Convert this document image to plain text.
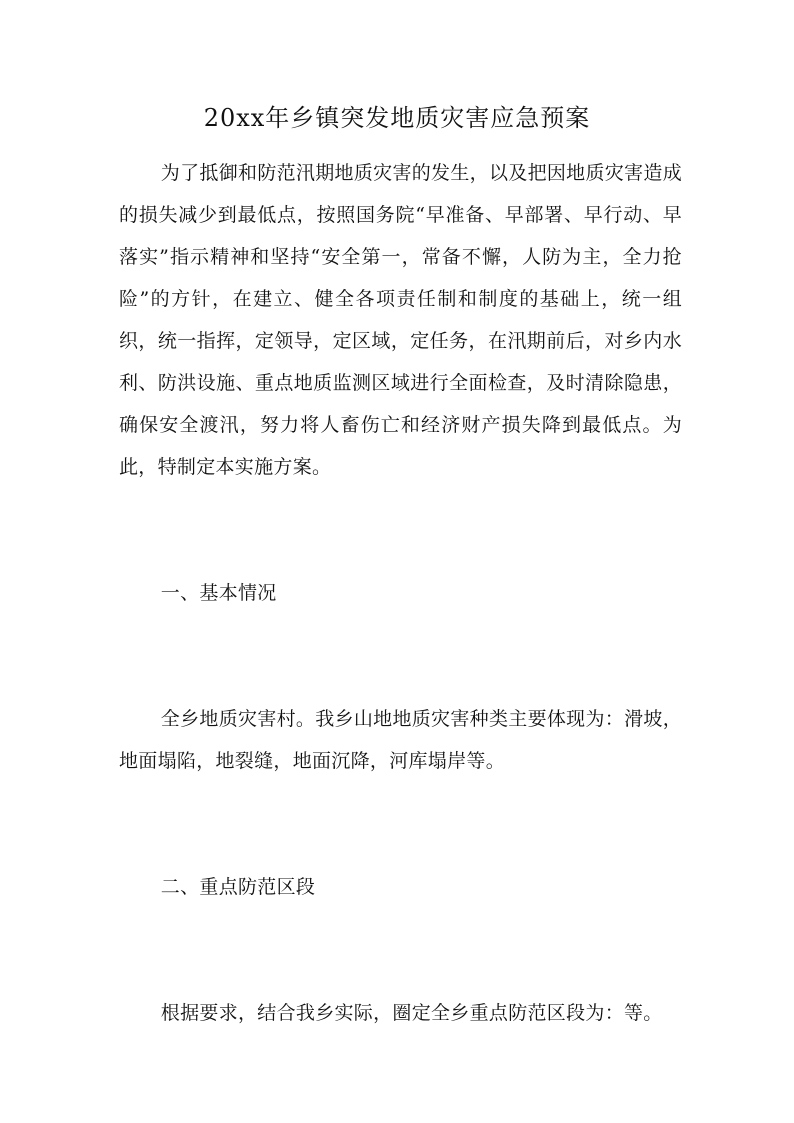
20xx年乡镇突发地质灾害应急预案

为了抵御和防范汛期地质灾害的发生，以及把因地质灾害造成的损失减少到最低点，按照国务院“早准备、早部署、早行动、早落实”指示精神和坚持“安全第一，常备不懈，人防为主，全力抢险”的方针，在建立、健全各项责任制和制度的基础上，统一组织，统一指挥，定领导，定区域，定任务，在汛期前后，对乡内水利、防洪设施、重点地质监测区域进行全面检查，及时清除隐患，确保安全渡汛，努力将人畜伤亡和经济财产损失降到最低点。为此，特制定本实施方案。

一、基本情况

全乡地质灾害村。我乡山地地质灾害种类主要体现为：滑坡，地面塌陷，地裂缝，地面沉降，河库塌岸等。

二、重点防范区段

根据要求，结合我乡实际，圈定全乡重点防范区段为：等。
